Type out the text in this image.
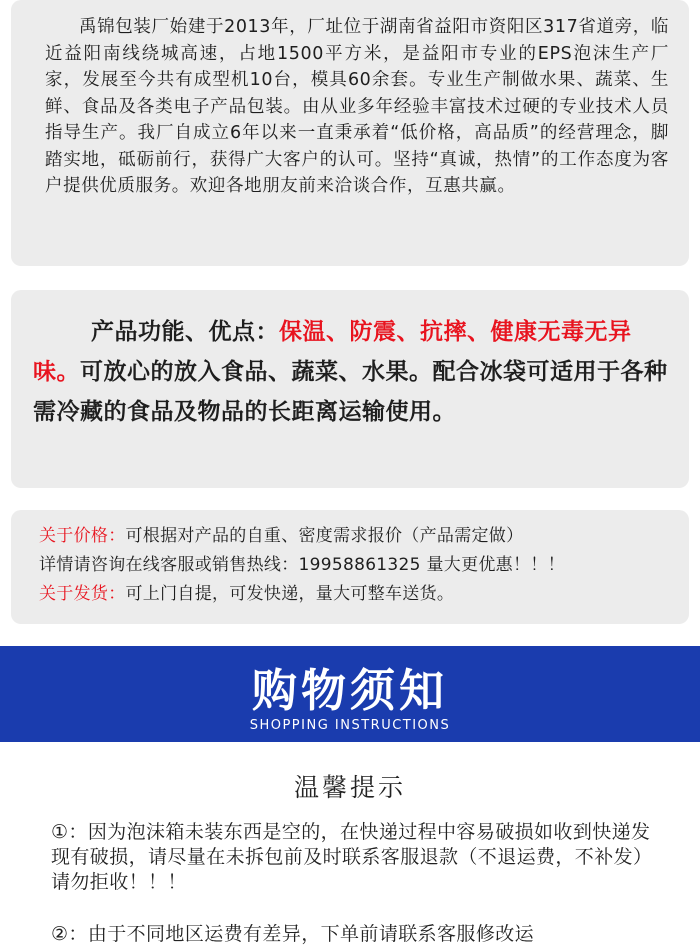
禹锦包装厂始建于2013年，厂址位于湖南省益阳市资阳区317省道旁，临近益阳南线绕城高速，占地1500平方米，是益阳市专业的EPS泡沫生产厂家，发展至今共有成型机10台，模具60余套。专业生产制做水果、蔬菜、生鲜、食品及各类电子产品包装。由从业多年经验丰富技术过硬的专业技术人员指导生产。我厂自成立6年以来一直秉承着“低价格，高品质”的经营理念，脚踏实地，砥砺前行，获得广大客户的认可。坚持“真诚，热情”的工作态度为客户提供优质服务。欢迎各地朋友前来洽谈合作，互惠共赢。

产品功能、优点：保温、防震、抗摔、健康无毒无异味。可放心的放入食品、蔬菜、水果。配合冰袋可适用于各种需冷藏的食品及物品的长距离运输使用。

关于价格：可根据对产品的自重、密度需求报价（产品需定做）
详情请咨询在线客服或销售热线：19958861325 量大更优惠！！！
关于发货：可上门自提，可发快递，量大可整车送货。
购物须知
SHOPPING INSTRUCTIONS
温馨提示
①：因为泡沫箱未装东西是空的，在快递过程中容易破损如收到快递发现有破损，请尽量在未拆包前及时联系客服退款（不退运费，不补发）请勿拒收！！！
②：由于不同地区运费有差异，下单前请联系客服修改运
